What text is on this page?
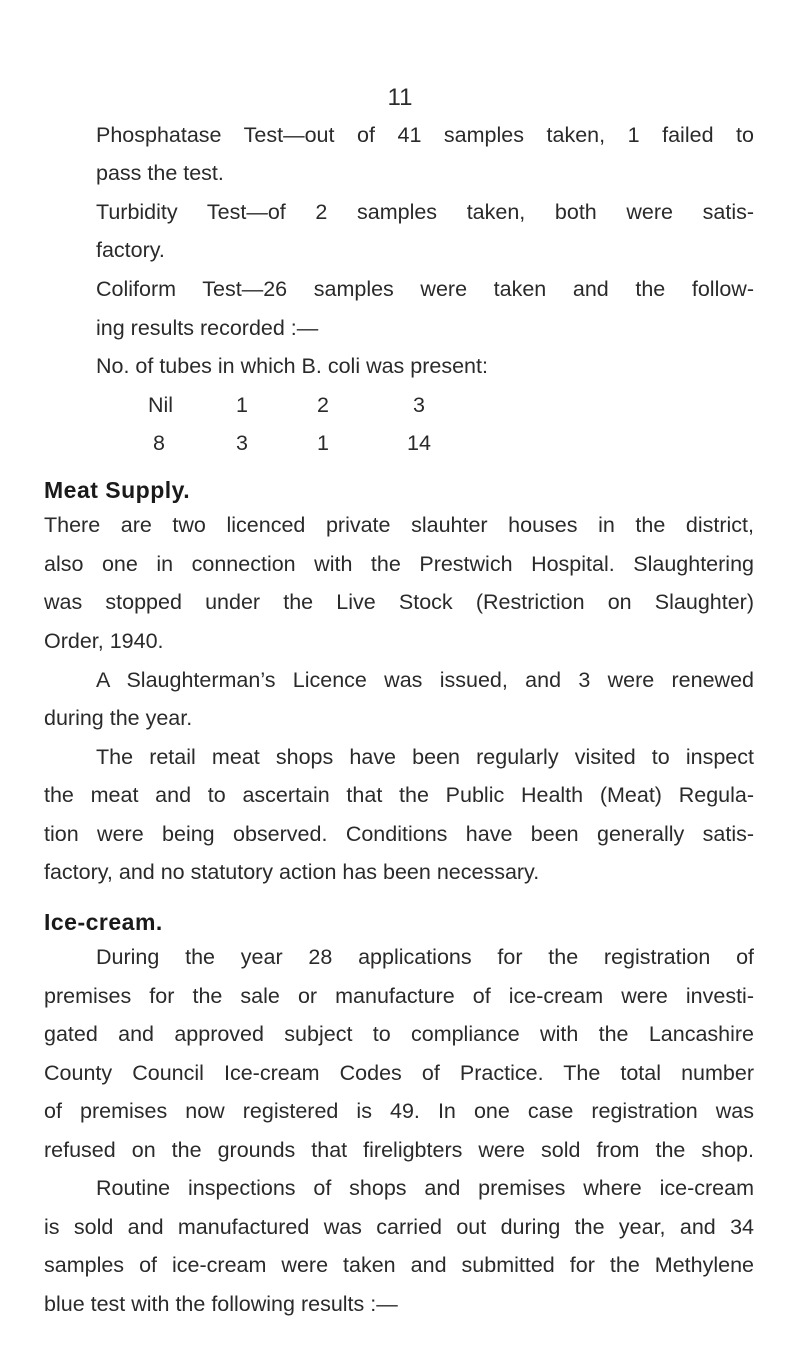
11
Phosphatase Test—out of 41 samples taken, 1 failed to
pass the test.
Turbidity Test—of 2 samples taken, both were satis-
factory.
Coliform Test—26 samples were taken and the follow-
ing results recorded :—
No. of tubes in which B. coli was present:
Nil	1	2	3
8	3	1	14
Meat Supply.
There are two licenced private slauhter houses in the district,
also one in connection with the Prestwich Hospital. Slaughtering
was stopped under the Live Stock (Restriction on Slaughter)
Order, 1940.
A Slaughterman’s Licence was issued, and 3 were renewed
during the year.
The retail meat shops have been regularly visited to inspect
the meat and to ascertain that the Public Health (Meat) Regula-
tion were being observed. Conditions have been generally satis-
factory, and no statutory action has been necessary.
Ice-cream.
During the year 28 applications for the registration of
premises for the sale or manufacture of ice-cream were investi-
gated and approved subject to compliance with the Lancashire
County Council Ice-cream Codes of Practice. The total number
of premises now registered is 49. In one case registration was
refused on the grounds that fireligbters were sold from the shop.
Routine inspections of shops and premises where ice-cream
is sold and manufactured was carried out during the year, and 34
samples of ice-cream were taken and submitted for the Methylene
blue test with the following results :—
